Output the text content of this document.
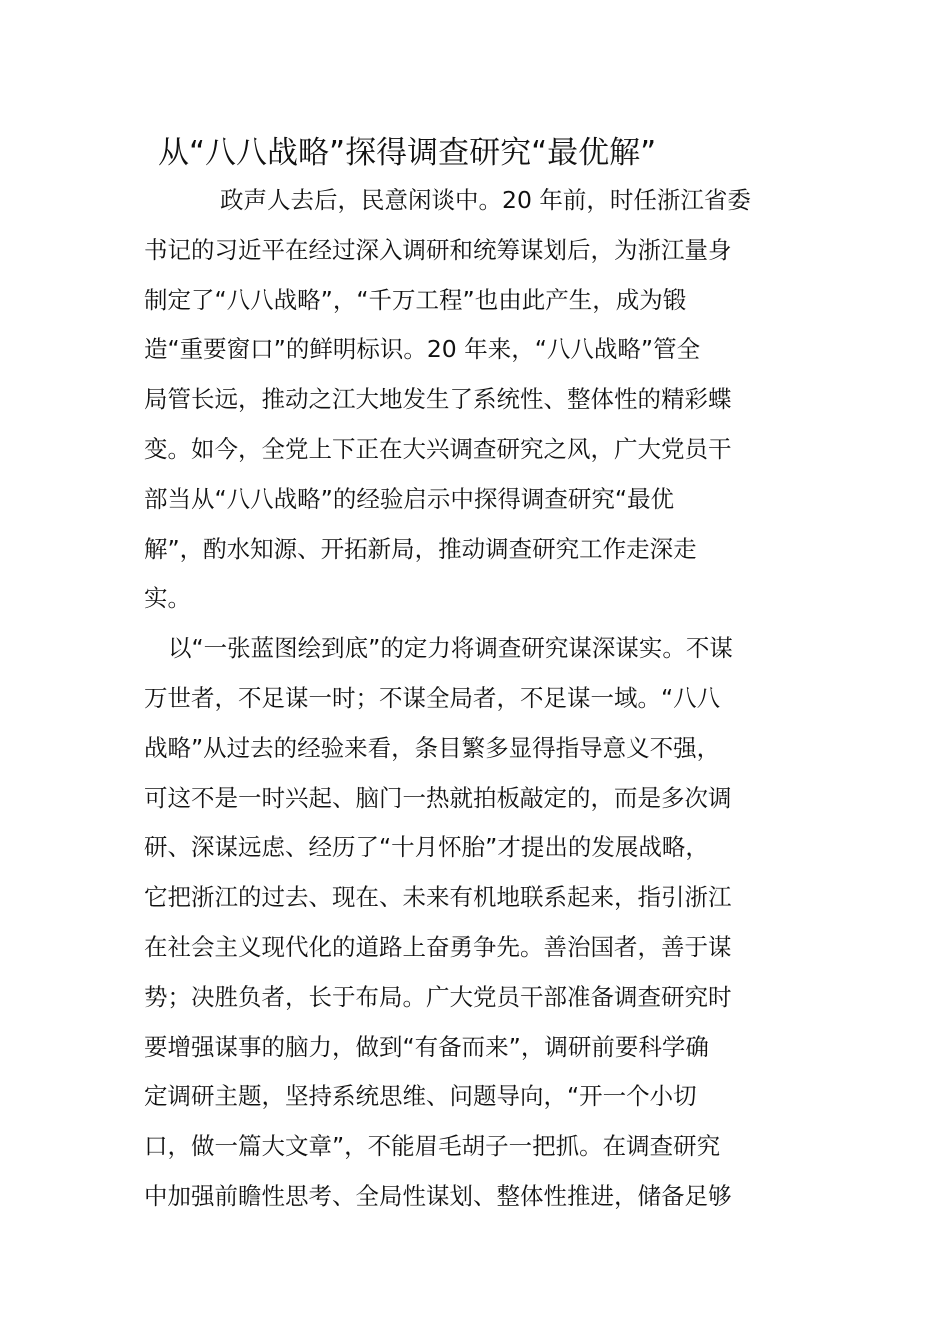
从“八八战略”探得调查研究“最优解”
政声人去后，民意闲谈中。20 年前，时任浙江省委
书记的习近平在经过深入调研和统筹谋划后，为浙江量身
制定了“八八战略”，“千万工程”也由此产生，成为锻
造“重要窗口”的鲜明标识。20 年来，“八八战略”管全
局管长远，推动之江大地发生了系统性、整体性的精彩蝶
变。如今，全党上下正在大兴调查研究之风，广大党员干
部当从“八八战略”的经验启示中探得调查研究“最优
解”，酌水知源、开拓新局，推动调查研究工作走深走
实。
以“一张蓝图绘到底”的定力将调查研究谋深谋实。不谋
万世者，不足谋一时；不谋全局者，不足谋一域。“八八
战略”从过去的经验来看，条目繁多显得指导意义不强，
可这不是一时兴起、脑门一热就拍板敲定的，而是多次调
研、深谋远虑、经历了“十月怀胎”才提出的发展战略，
它把浙江的过去、现在、未来有机地联系起来，指引浙江
在社会主义现代化的道路上奋勇争先。善治国者，善于谋
势；决胜负者，长于布局。广大党员干部准备调查研究时
要增强谋事的脑力，做到“有备而来”，调研前要科学确
定调研主题，坚持系统思维、问题导向，“开一个小切
口，做一篇大文章”，不能眉毛胡子一把抓。在调查研究
中加强前瞻性思考、全局性谋划、整体性推进，储备足够
